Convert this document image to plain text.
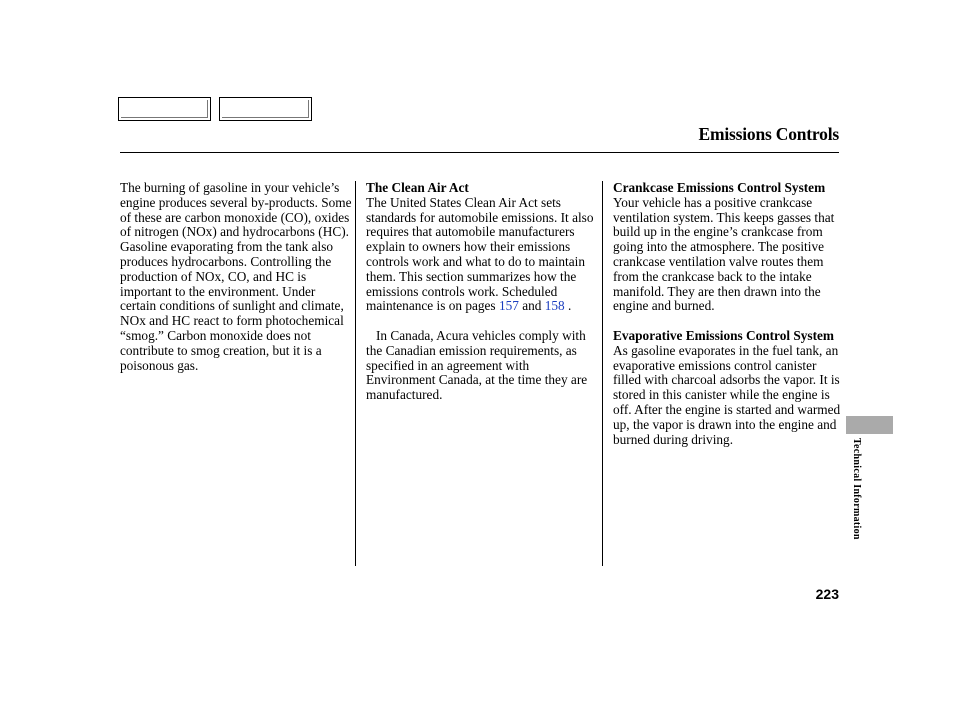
Emissions Controls

The burning of gasoline in your vehicle’s engine produces several by-products. Some of these are carbon monoxide (CO), oxides of nitrogen (NOx) and hydrocarbons (HC). Gasoline evaporating from the tank also produces hydrocarbons. Controlling the production of NOx, CO, and HC is important to the environment. Under certain conditions of sunlight and climate, NOx and HC react to form photochemical “smog.” Carbon monoxide does not contribute to smog creation, but it is a poisonous gas.

The Clean Air Act

The United States Clean Air Act sets standards for automobile emissions. It also requires that automobile manufacturers explain to owners how their emissions controls work and what to do to maintain them. This section summarizes how the emissions controls work. Scheduled maintenance is on pages 157 and 158 .

In Canada, Acura vehicles comply with the Canadian emission requirements, as specified in an agreement with Environment Canada, at the time they are manufactured.

Crankcase Emissions Control System

Your vehicle has a positive crankcase ventilation system. This keeps gasses that build up in the engine’s crankcase from going into the atmosphere. The positive crankcase ventilation valve routes them from the crankcase back to the intake manifold. They are then drawn into the engine and burned.

Evaporative Emissions Control System

As gasoline evaporates in the fuel tank, an evaporative emissions control canister filled with charcoal adsorbs the vapor. It is stored in this canister while the engine is off. After the engine is started and warmed up, the vapor is drawn into the engine and burned during driving.	Technical Information
223
